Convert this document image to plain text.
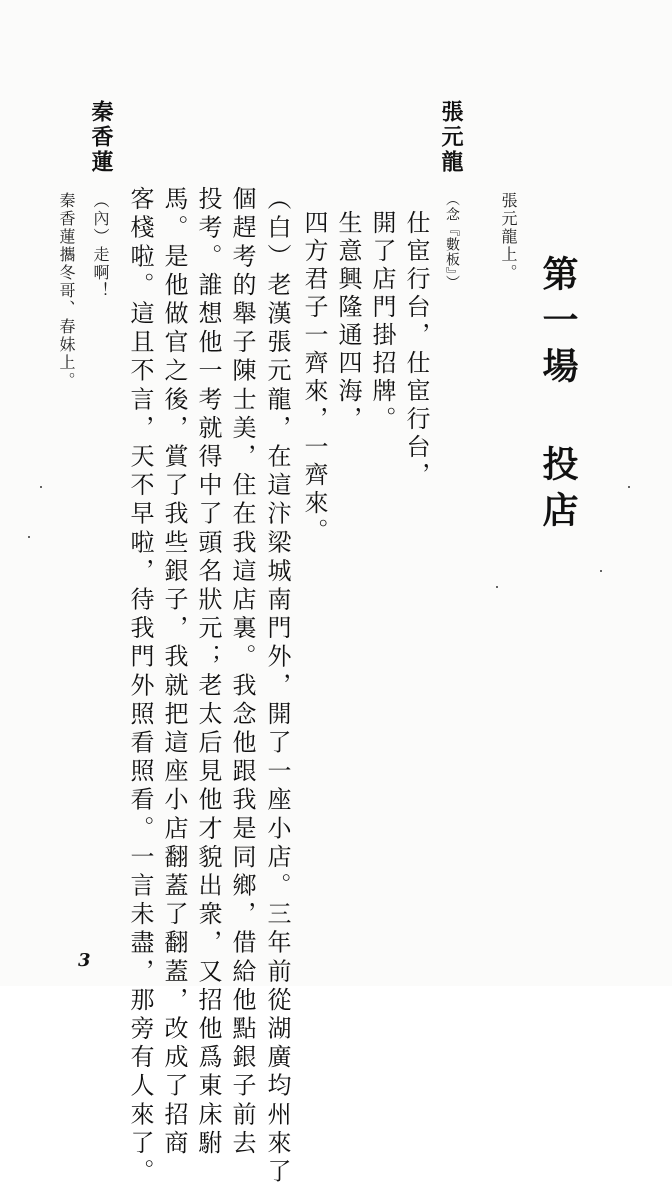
第一場 投店
張元龍上。
張元龍
（念『數板』）
仕宦行台，仕宦行台，
開了店門掛招牌。
生意興隆通四海，
四方君子一齊來，一齊來。
（白）老漢張元龍，在這汴梁城南門外，開了一座小店。三年前從湖廣均州來了
個趕考的舉子陳士美，住在我這店裏。我念他跟我是同鄉，借給他點銀子前去
投考。誰想他一考就得中了頭名狀元；老太后見他才貌出衆，又招他爲東床駙
馬。是他做官之後，賞了我些銀子，我就把這座小店翻蓋了翻蓋，改成了招商
客棧啦。這且不言，天不早啦，待我門外照看照看。一言未盡，那旁有人來了。
秦香蓮
（內）走啊！
秦香蓮攜冬哥、春妹上。
3
